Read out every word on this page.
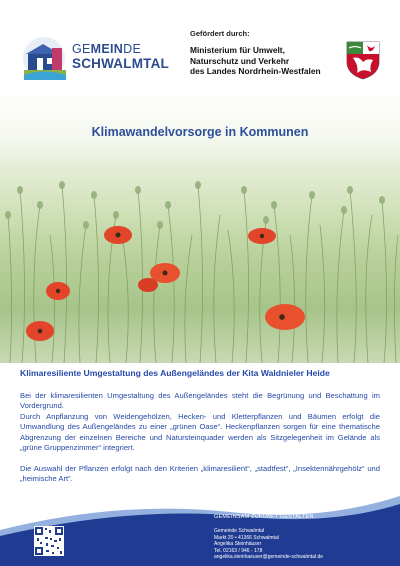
GEMEINDE
SCHWALMTAL
Gefördert durch:
Ministerium für Umwelt,
Naturschutz und Verkehr
des Landes Nordrhein-Westfalen
Klimawandelvorsorge in Kommunen
Klimaresiliente Umgestaltung des Außengeländes der Kita Waldnieler Heide

Bei der klimaresilienten Umgestaltung des Außengeländes steht die Begrünung und Beschattung im Vordergrund.

Durch Anpflanzung von Weidengehölzen, Hecken- und Kletterpflanzen und Bäumen erfolgt die Umwandlung des Außengeländes zu einer „grünen Oase“. Heckenpflanzen sorgen für eine thematische Abgrenzung der einzelnen Bereiche und Natursteinquader werden als Sitzgelegenheit im Gelände als „grüne Gruppenzimmer“ integriert.

Die Auswahl der Pflanzen erfolgt nach den Kriterien „klimaresilient“, „stadtfest“, „Insektennährgehölz“ und „heimische Art“.

GEMEINSAM ZUKUNFT GESTALTEN
Gemeinde Schwalmtal
Markt 20 • 41366 Schwalmtal
Angelika Steinhäuser
Tel. 02163 / 946 - 178
angelika.steinhaeuser@gemeinde-schwalmtal.de
